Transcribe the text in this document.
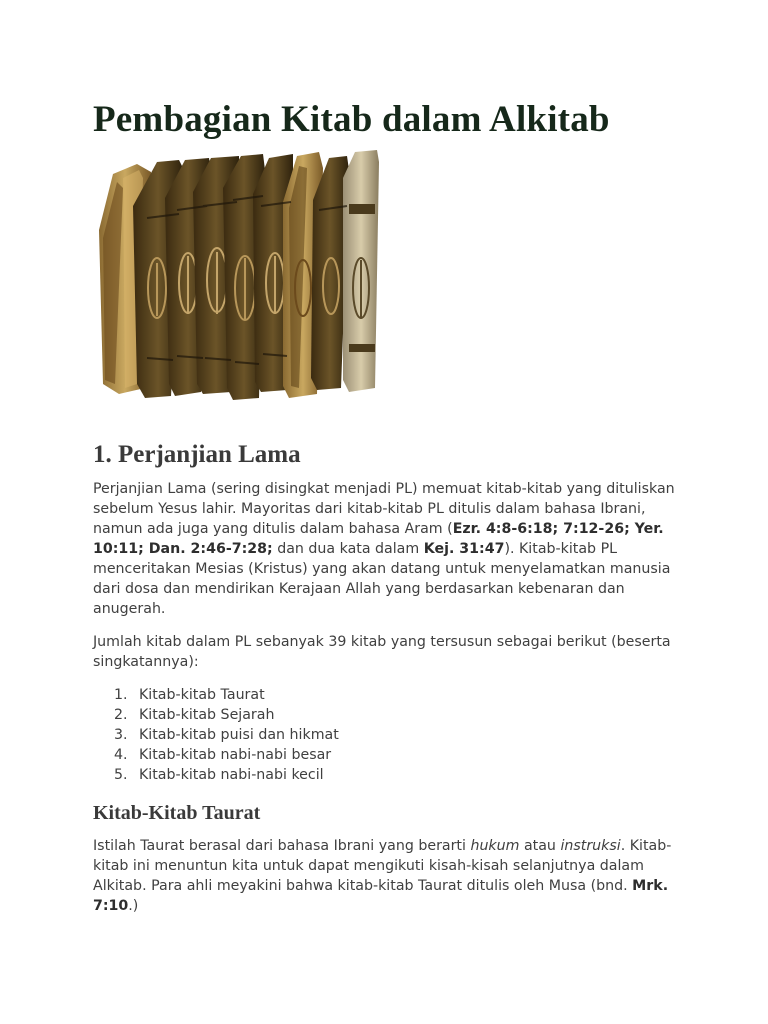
Pembagian Kitab dalam Alkitab
1. Perjanjian Lama

Perjanjian Lama (sering disingkat menjadi PL) memuat kitab-kitab yang dituliskan sebelum Yesus lahir. Mayoritas dari kitab-kitab PL ditulis dalam bahasa Ibrani, namun ada juga yang ditulis dalam bahasa Aram (Ezr. 4:8-6:18; 7:12-26; Yer. 10:11; Dan. 2:46-7:28; dan dua kata dalam Kej. 31:47). Kitab-kitab PL menceritakan Mesias (Kristus) yang akan datang untuk menyelamatkan manusia dari dosa dan mendirikan Kerajaan Allah yang berdasarkan kebenaran dan anugerah.

Jumlah kitab dalam PL sebanyak 39 kitab yang tersusun sebagai berikut (beserta singkatannya):

1. Kitab-kitab Taurat
2. Kitab-kitab Sejarah
3. Kitab-kitab puisi dan hikmat
4. Kitab-kitab nabi-nabi besar
5. Kitab-kitab nabi-nabi kecil
Kitab-Kitab Taurat

Istilah Taurat berasal dari bahasa Ibrani yang berarti hukum atau instruksi. Kitab-kitab ini menuntun kita untuk dapat mengikuti kisah-kisah selanjutnya dalam Alkitab. Para ahli meyakini bahwa kitab-kitab Taurat ditulis oleh Musa (bnd. Mrk. 7:10.)
